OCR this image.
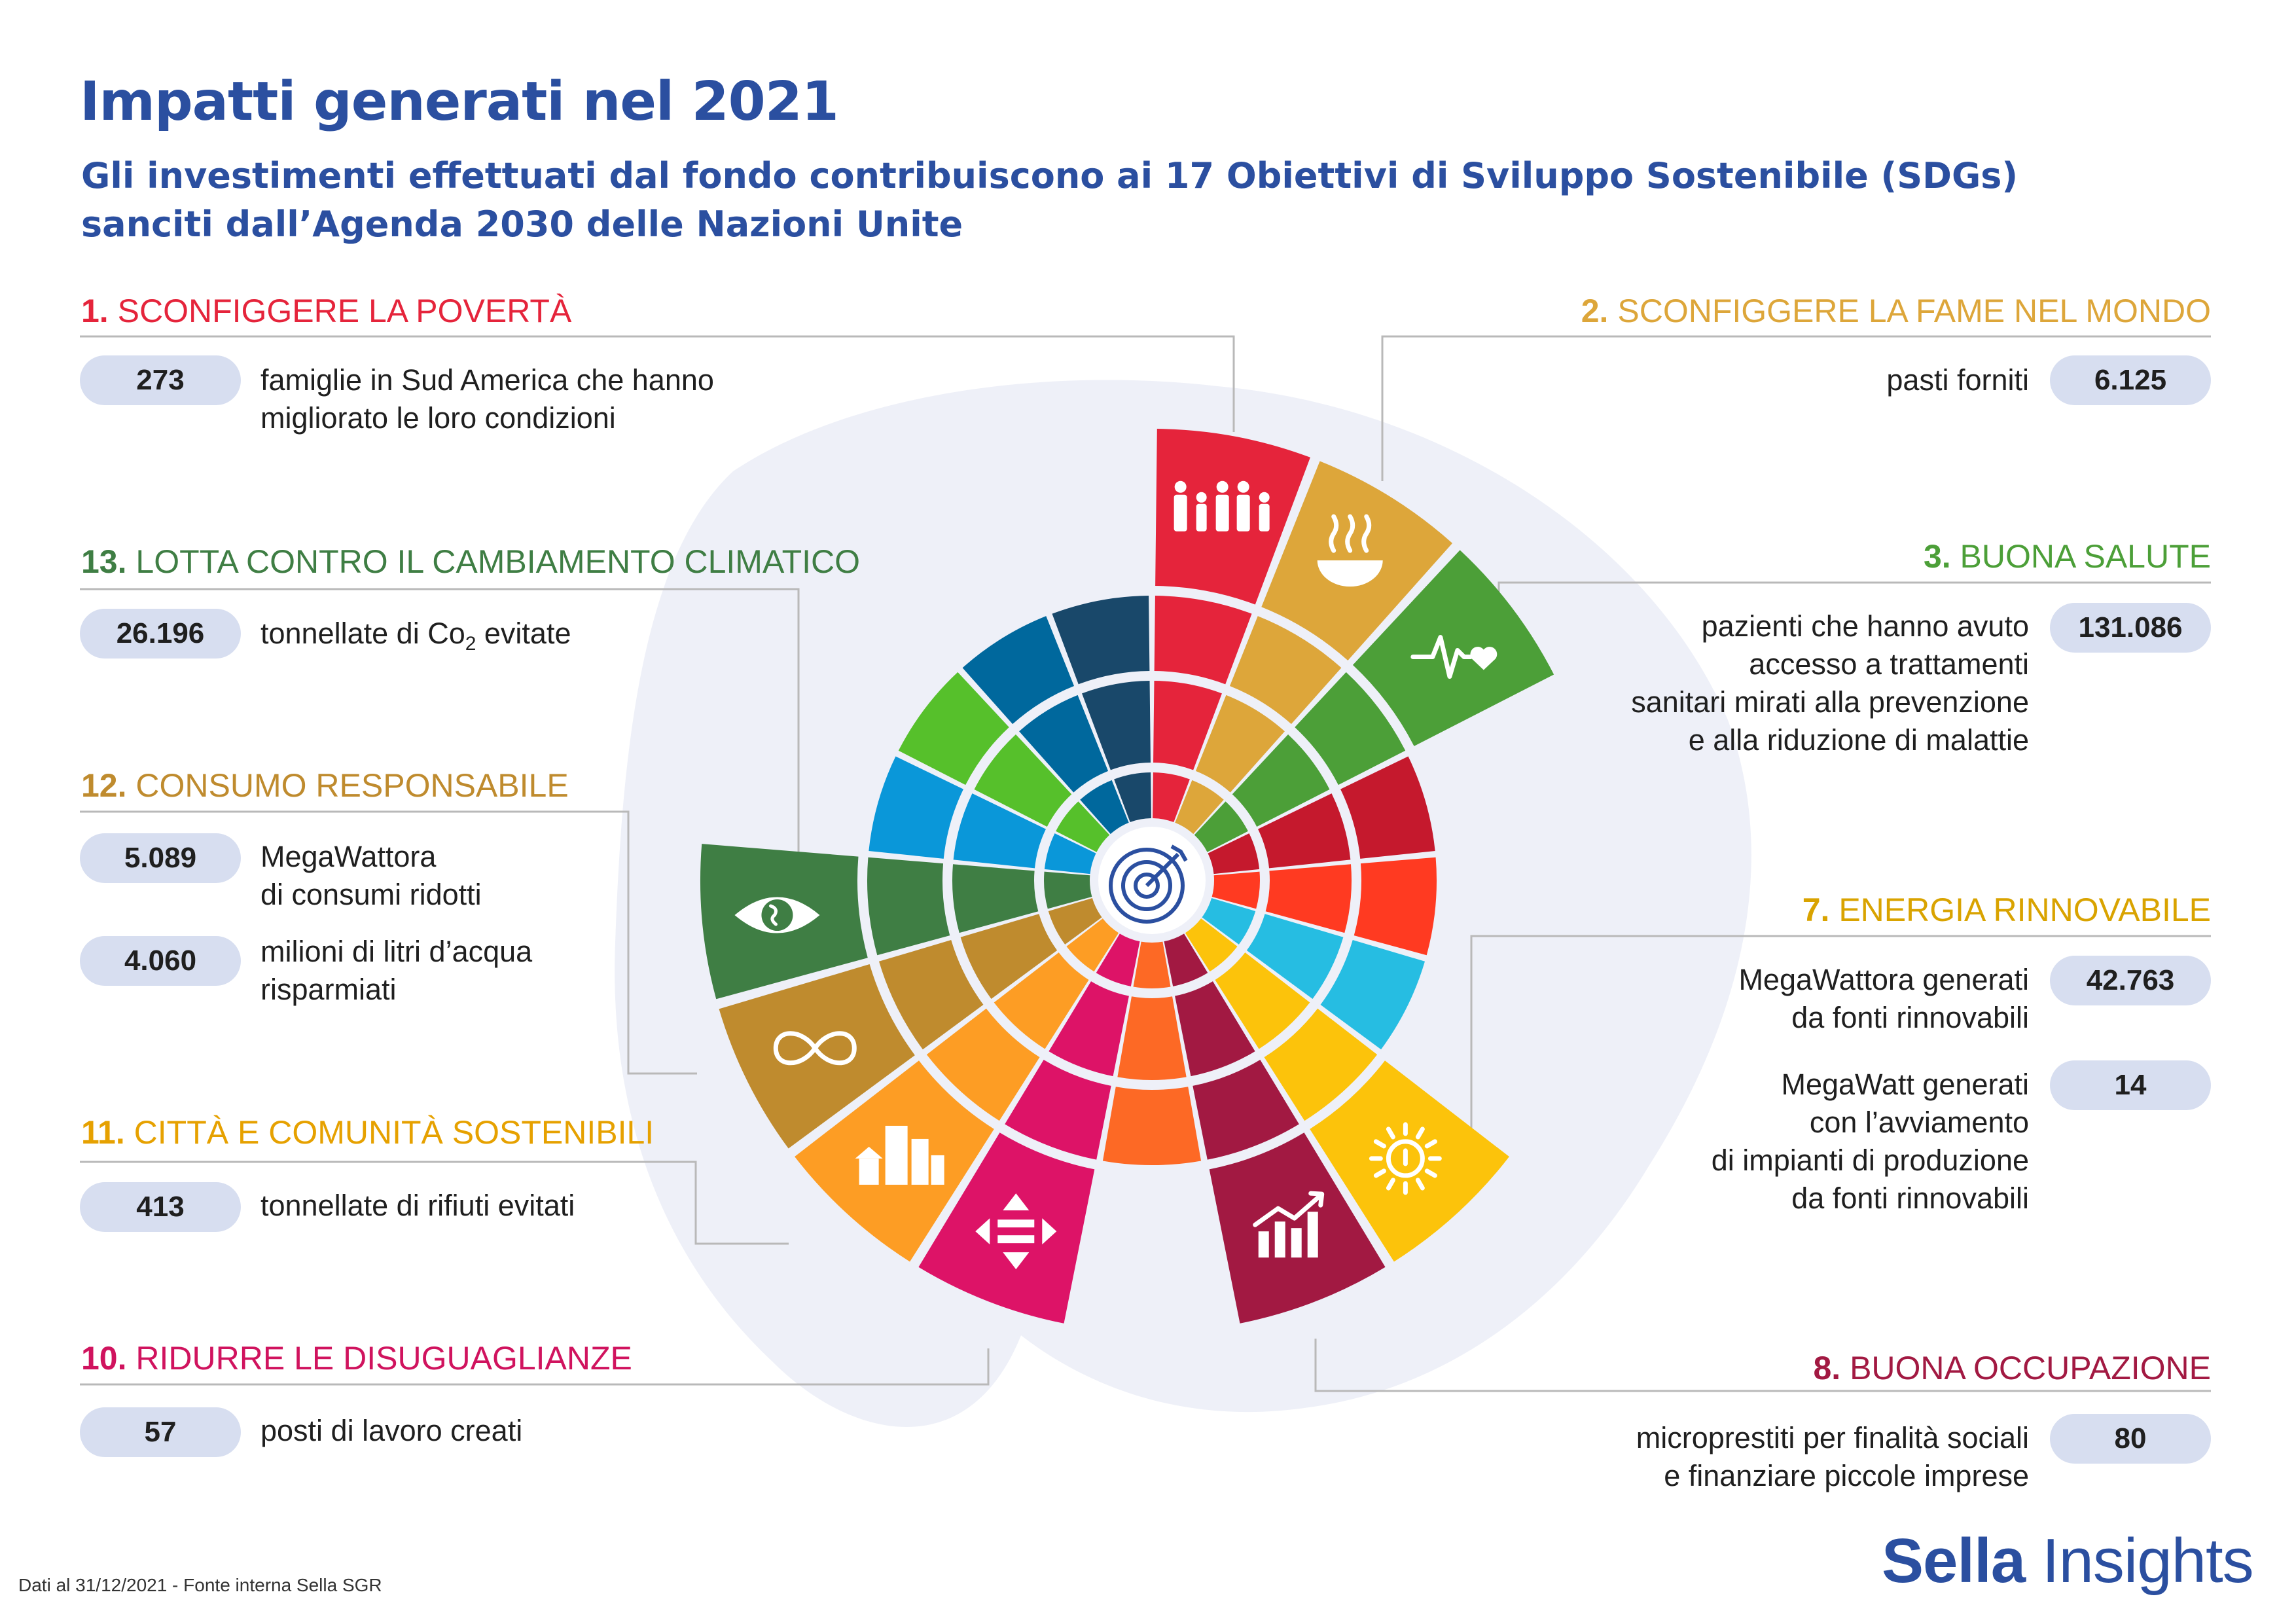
Impatti generati nel 2021
Gli investimenti effettuati dal fondo contribuiscono ai 17 Obiettivi di Sviluppo Sostenibile (SDGs)
sanciti dall’Agenda 2030 delle Nazioni Unite
1. SCONFIGGERE LA POVERTÀ
273	famiglie in Sud America che hanno
migliorato le loro condizioni
2. SCONFIGGERE LA FAME NEL MONDO
6.125
pasti forniti
3. BUONA SALUTE
131.086
pazienti che hanno avuto
accesso a trattamenti
sanitari mirati alla prevenzione
e alla riduzione di malattie
13. LOTTA CONTRO IL CAMBIAMENTO CLIMATICO
26.196	tonnellate di $Co_2$ evitate
12. CONSUMO RESPONSABILE
5.089	MegaWattora
di consumi ridotti
4.060	milioni di litri d’acqua
risparmiati
7. ENERGIA RINNOVABILE
42.763
MegaWattora generati
da fonti rinnovabili
14
MegaWatt generati
con l’avviamento
di impianti di produzione
da fonti rinnovabili
11. CITTÀ E COMUNITÀ SOSTENIBILI
413	tonnellate di rifiuti evitati
10. RIDURRE LE DISUGUAGLIANZE
57	posti di lavoro creati
8. BUONA OCCUPAZIONE
80
microprestiti per finalità sociali
e finanziare piccole imprese
Dati al 31/12/2021 - Fonte interna Sella SGR	Sella Insights
